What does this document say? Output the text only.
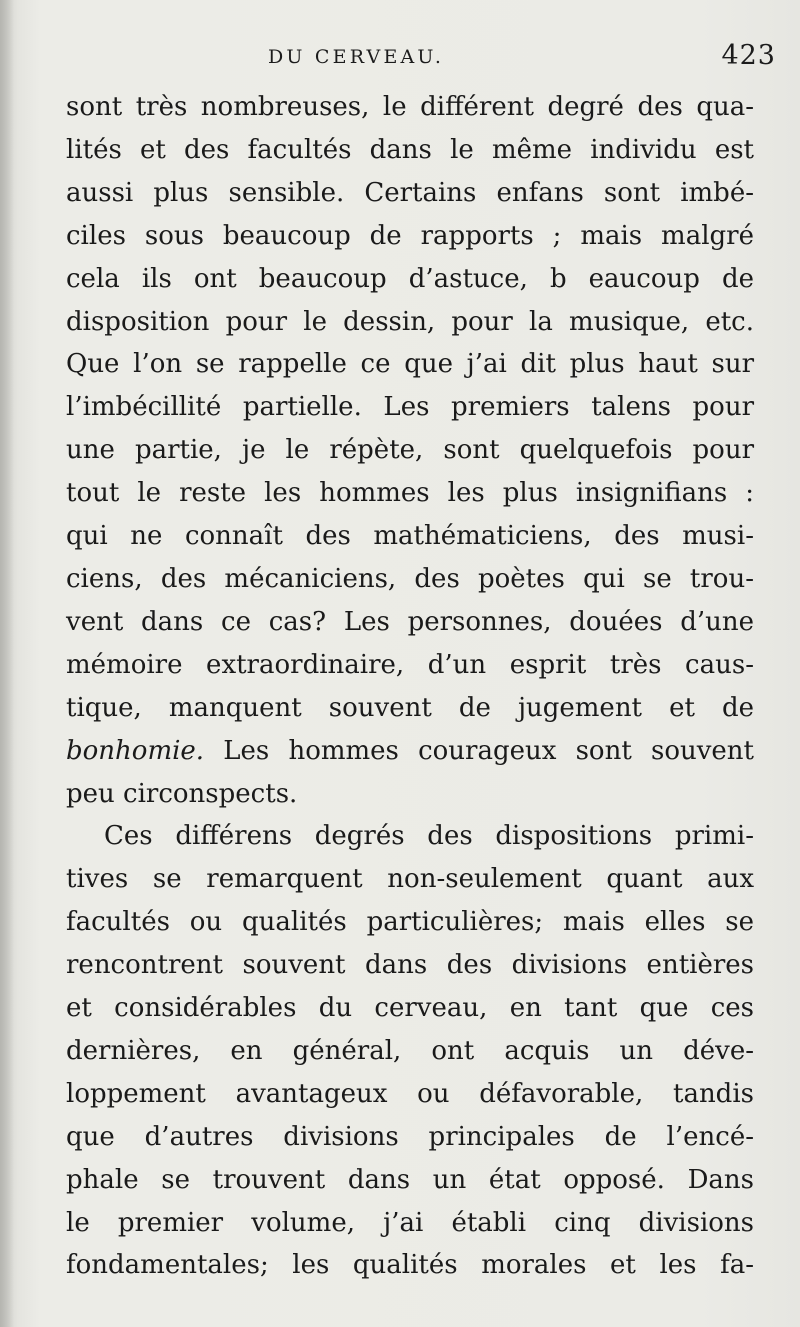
DU CERVEAU.	423
sont très nombreuses, le différent degré des qua-
lités et des facultés dans le même individu est
aussi plus sensible. Certains enfans sont imbé-
ciles sous beaucoup de rapports ; mais malgré
cela ils ont beaucoup d’astuce, b eaucoup de
disposition pour le dessin, pour la musique, etc.
Que l’on se rappelle ce que j’ai dit plus haut sur
l’imbécillité partielle. Les premiers talens pour
une partie, je le répète, sont quelquefois pour
tout le reste les hommes les plus insignifians :
qui ne connaît des mathématiciens, des musi-
ciens, des mécaniciens, des poètes qui se trou-
vent dans ce cas? Les personnes, douées d’une
mémoire extraordinaire, d’un esprit très caus-
tique, manquent souvent de jugement et de
bonhomie. Les hommes courageux sont souvent
peu circonspects.
Ces différens degrés des dispositions primi-
tives se remarquent non-seulement quant aux
facultés ou qualités particulières; mais elles se
rencontrent souvent dans des divisions entières
et considérables du cerveau, en tant que ces
dernières, en général, ont acquis un déve-
loppement avantageux ou défavorable, tandis
que d’autres divisions principales de l’encé-
phale se trouvent dans un état opposé. Dans
le premier volume, j’ai établi cinq divisions
fondamentales; les qualités morales et les fa-
